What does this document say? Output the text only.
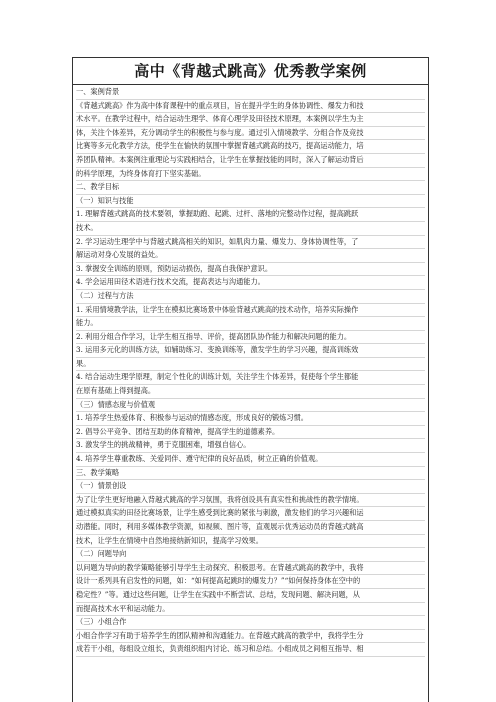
高中《背越式跳高》优秀教学案例

一、案例背景

《背越式跳高》作为高中体育课程中的重点项目，旨在提升学生的身体协调性、爆发力和技

术水平。在教学过程中，结合运动生理学、体育心理学及田径技术原理，本案例以学生为主

体，关注个体差异，充分调动学生的积极性与参与度。通过引入情境教学、分组合作及竞技

比赛等多元化教学方法，使学生在愉快的氛围中掌握背越式跳高的技巧，提高运动能力，培

养团队精神。本案例注重理论与实践相结合，让学生在掌握技能的同时，深入了解运动背后

的科学原理，为终身体育打下坚实基础。

二、教学目标

（一）知识与技能

1. 理解背越式跳高的技术要领，掌握助跑、起跳、过杆、落地的完整动作过程，提高跳跃

技术。

2. 学习运动生理学中与背越式跳高相关的知识，如肌肉力量、爆发力、身体协调性等，了

解运动对身心发展的益处。

3. 掌握安全训练的原则，预防运动损伤，提高自我保护意识。

4. 学会运用田径术语进行技术交流，提高表达与沟通能力。

（二）过程与方法

1. 采用情境教学法，让学生在模拟比赛场景中体验背越式跳高的技术动作，培养实际操作

能力。

2. 利用分组合作学习，让学生相互指导、评价，提高团队协作能力和解决问题的能力。

3. 运用多元化的训练方法，如辅助练习、变换训练等，激发学生的学习兴趣，提高训练效

果。

4. 结合运动生理学原理，制定个性化的训练计划，关注学生个体差异，促使每个学生都能

在原有基础上得到提高。

（三）情感态度与价值观

1. 培养学生热爱体育、积极参与运动的情感态度，形成良好的锻炼习惯。

2. 倡导公平竞争、团结互助的体育精神，提高学生的道德素养。

3. 激发学生的挑战精神，勇于克服困难，增强自信心。

4. 培养学生尊重教练、关爱同伴、遵守纪律的良好品质，树立正确的价值观。

三、教学策略

（一）情景创设

为了让学生更好地融入背越式跳高的学习氛围，我将创设具有真实性和挑战性的教学情境。

通过模拟真实的田径比赛场景，让学生感受到比赛的紧张与刺激，激发他们的学习兴趣和运

动潜能。同时，利用多媒体教学资源，如视频、图片等，直观展示优秀运动员的背越式跳高

技术，让学生在情境中自然地接纳新知识，提高学习效果。

（二）问题导向

以问题为导向的教学策略能够引导学生主动探究、积极思考。在背越式跳高的教学中，我将

设计一系列具有启发性的问题，如：“如何提高起跳时的爆发力？”“如何保持身体在空中的

稳定性？”等。通过这些问题，让学生在实践中不断尝试、总结，发现问题、解决问题，从

而提高技术水平和运动能力。

（三）小组合作

小组合作学习有助于培养学生的团队精神和沟通能力。在背越式跳高的教学中，我将学生分

成若干小组，每组设立组长，负责组织组内讨论、练习和总结。小组成员之间相互指导、相
